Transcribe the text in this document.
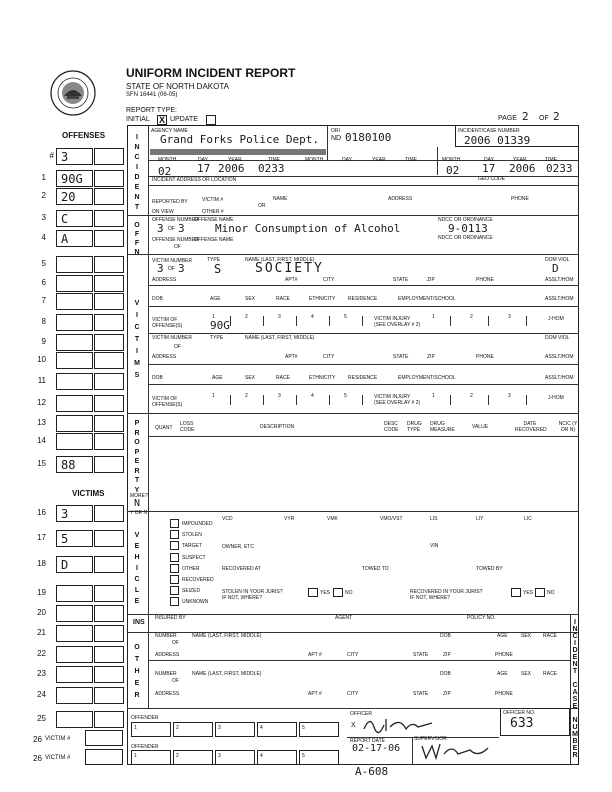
UNIFORM INCIDENT REPORT
STATE OF NORTH DAKOTA
SFN 16441 (06-05)
REPORT TYPE:
INITIAL X UPDATE	PAGE 2 OF 2
OFFENSES
VICTIMS
# 3
1 90G
2 20
3 C
4 A
5
6
7
8
9
10
11
12
13
14
15 88
16 3
17 5
18 D
19
20
21
22
23
24
25
26 VICTIM #
26 VICTIM #
I
N
C
I
D
E
N
T
O
F
F
N
V
I
C
T
I
M
S
P
R
O
P
E
R
T
Y
V
E
H
I
C
L
E
O
T
H
E
R
I
N
C
I
D
E
N
T
C
A
S
E
N
U
M
B
E
R
AGENCY NAME
Grand Forks Police Dept.
ORI
ND 0180100	INCIDENT/CASE NUMBER
2006 01339
MONTH	DAY	YEAR	TIME
02 17 2006 0233
MONTH	DAY	YEAR	TIME	MONTH	DAY	YEAR	TIME
02 17 2006 0233
INCIDENT ADDRESS OR LOCATION	GEO CODE
REPORTED BY	VICTIM #
OR
NAME	ADDRESS	PHONE
ON VIEW	OTHER #
OFFENSE NUMBER
OFFENSE NAME
3 OF 3	Minor Consumption of Alcohol
NDCC OR ORDINANCE
9-0113
OFFENSE NUMBER
OF
OFFENSE NAME	NDCC OR ORDINANCE
VICTIM NUMBER
3 OF 3
TYPE
S
NAME (LAST, FIRST, MIDDLE)
SOCIETY
DOM VIOL
D
ADDRESS	APT#	CITY	STATE	ZIP	PHONE	ASSLT/HOM
DOB	AGE	SEX	RACE	ETHNICITY	RESIDENCE	EMPLOYMENT/SCHOOL	ASSLT/HOM
VICTIM OF
OFFENSE(S)
1	2	3	4	5
90G	VICTIM INJURY
(SEE OVERLAY # 2)
1	2	3	J-HOM
VICTIM NUMBER
OF
TYPE	NAME (LAST, FIRST, MIDDLE)	DOM VIOL
ADDRESS	APT#	CITY	STATE	ZIP	PHONE	ASSLT/HOM
DOB	AGE	SEX	RACE	ETHNICITY	RESIDENCE	EMPLOYMENT/SCHOOL	ASSLT/HOM
VICTIM OF
OFFENSE(S)
1	2	3	4	5	VICTIM INJURY
(SEE OVERLAY # 2)
1	2	3	J-HOM
QUANT
LOSS
CODE	DESCRIPTION	DESC CODE
DRUG TYPE
DRUG MEASURE	VALUE	DATE RECOVERED
NCIC (Y OR N)
MORE?
N
Y OR N
IMPOUNDED
STOLEN
TARGET
SUSPECT
OTHER
RECOVERED
SEIZED
UNKNOWN
VCD	VYR	VMK	VMO/VST	LIS	LIY	LIC
OWNER, ETC	VIN
RECOVERED AT	TOWED TO	TOWED BY
STOLEN IN YOUR JURIS?
IF NOT, WHERE?
YES	NO	RECOVERED IN YOUR JURIS?
IF NOT, WHERE?
YES	NO
INS
INSURED BY	AGENT	POLICY NO.
NUMBER
OF
NAME (LAST, FIRST, MIDDLE)	DOB	AGE	SEX RACE
ADDRESS	APT #	CITY	STATE	ZIP	PHONE
NUMBER
OF
NAME (LAST, FIRST, MIDDLE)	DOB	AGE	SEX RACE
ADDRESS	APT #	CITY	STATE	ZIP	PHONE
OFFENDER
1	2	3	4	5
OFFENDER
1	2	3	4	5
OFFICER
X
REPORT DATE
02-17-06
SUPERVISOR
OFFICER NO.
633
A-608
